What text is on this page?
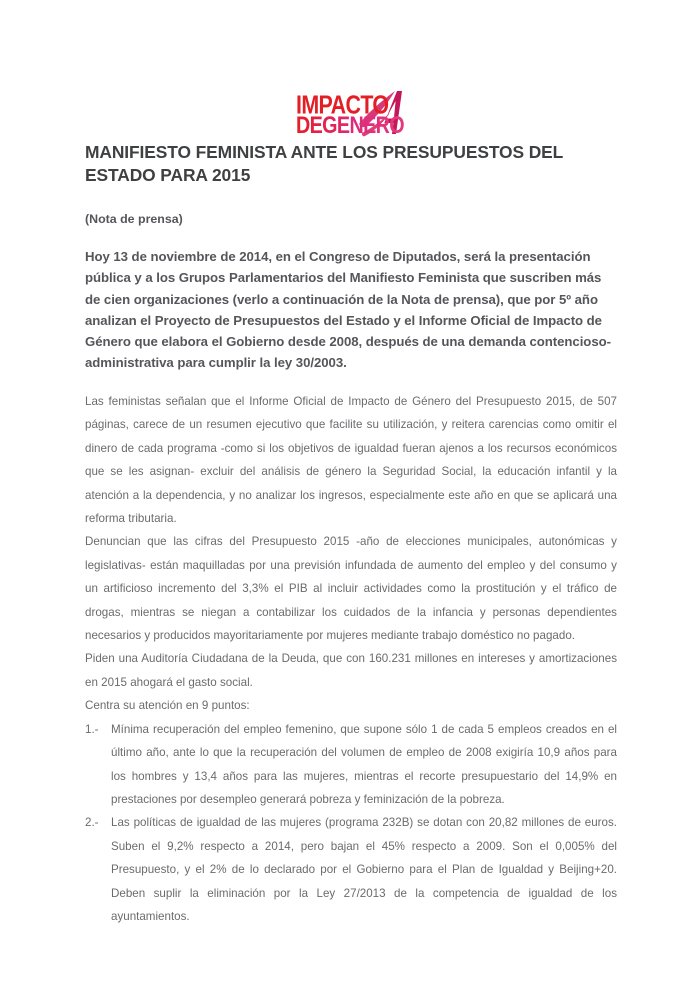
IMPACTO
DEGENERO
MANIFIESTO FEMINISTA ANTE LOS PRESUPUESTOS DEL ESTADO PARA 2015

(Nota de prensa)

Hoy 13 de noviembre de 2014, en el Congreso de Diputados, será la presentación pública y a los Grupos Parlamentarios del Manifiesto Feminista que suscriben más de cien organizaciones (verlo a continuación de la Nota de prensa), que por 5º año analizan el Proyecto de Presupuestos del Estado y el Informe Oficial de Impacto de Género que elabora el Gobierno desde 2008, después de una demanda contencioso-administrativa para cumplir la ley 30/2003.

Las feministas señalan que el Informe Oficial de Impacto de Género del Presupuesto 2015, de 507 páginas, carece de un resumen ejecutivo que facilite su utilización, y reitera carencias como omitir el dinero de cada programa -como si los objetivos de igualdad fueran ajenos a los recursos económicos que se les asignan- excluir del análisis de género la Seguridad Social, la educación infantil y la atención a la dependencia, y no analizar los ingresos, especialmente este año en que se aplicará una reforma tributaria.

Denuncian que las cifras del Presupuesto 2015 -año de elecciones municipales, autonómicas y legislativas- están maquilladas por una previsión infundada de aumento del empleo y del consumo y un artificioso incremento del 3,3% el PIB al incluir actividades como la prostitución y el tráfico de drogas, mientras se niegan a contabilizar los cuidados de la infancia y personas dependientes necesarios y producidos mayoritariamente por mujeres mediante trabajo doméstico no pagado.

Piden una Auditoría Ciudadana de la Deuda, que con 160.231 millones en intereses y amortizaciones en 2015 ahogará el gasto social.

Centra su atención en 9 puntos:

1.-	Mínima recuperación del empleo femenino, que supone sólo 1 de cada 5 empleos creados en el último año, ante lo que la recuperación del volumen de empleo de 2008 exigiría 10,9 años para los hombres y 13,4 años para las mujeres, mientras el recorte presupuestario del 14,9% en prestaciones por desempleo generará pobreza y feminización de la pobreza.
2.-	Las políticas de igualdad de las mujeres (programa 232B) se dotan con 20,82 millones de euros. Suben el 9,2% respecto a 2014, pero bajan el 45% respecto a 2009. Son el 0,005% del Presupuesto, y el 2% de lo declarado por el Gobierno para el Plan de Igualdad y Beijing+20. Deben suplir la eliminación por la Ley 27/2013 de la competencia de igualdad de los ayuntamientos.
